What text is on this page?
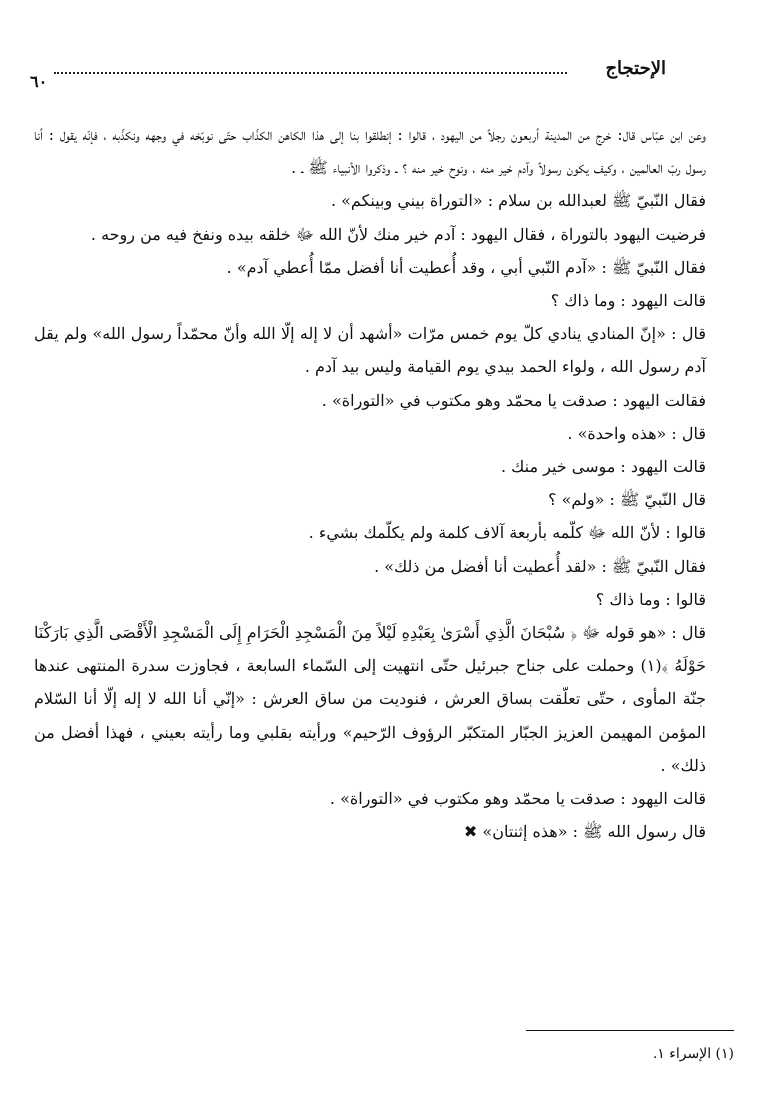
الإحتجاج
٦٠

وعن ابن عبّاس قال: خرج من المدينة أربعون رجلاً من اليهود ، قالوا : إنطلقوا بنا إلى هذا الكاهن الكذّاب حتّى نوبّخه في وجهه ونكذّبه ، فإنّه يقول : أنا رسول ربّ العالمين ، وكيف يكون رسولاً وآدم خير منه ، ونوح خير منه ؟ ـ وذكروا الأنبياء ﷺ ـ .

فقال النّبيّ ﷺ لعبدالله بن سلام : «التوراة بيني وبينكم» .

فرضيت اليهود بالتوراة ، فقال اليهود : آدم خير منك لأنّ الله ﷻ خلقه بيده ونفخ فيه من روحه .

فقال النّبيّ ﷺ : «آدم النّبي أبي ، وقد أُعطيت أنا أفضل ممّا أُعطي آدم» .

قالت اليهود : وما ذاك ؟

قال : «إنّ المنادي ينادي كلّ يوم خمس مرّات «أشهد أن لا إله إلّا الله وأنّ محمّداً رسول الله» ولم يقل آدم رسول الله ، ولواء الحمد بيدي يوم القيامة وليس بيد آدم .

فقالت اليهود : صدقت يا محمّد وهو مكتوب في «التوراة» .

قال : «هذه واحدة» .

قالت اليهود : موسى خير منك .

قال النّبيّ ﷺ : «ولم» ؟

قالوا : لأنّ الله ﷻ كلّمه بأربعة آلاف كلمة ولم يكلّمك بشيء .

فقال النّبيّ ﷺ : «لقد أُعطيت أنا أفضل من ذلك» .

قالوا : وما ذاك ؟

قال : «هو قوله ﷻ ﴿ سُبْحَانَ الَّذِي أَسْرَىٰ بِعَبْدِهِ لَيْلاً مِنَ الْمَسْجِدِ الْحَرَامِ إِلَى الْمَسْجِدِ الْأَقْصَى الَّذِي بَارَكْنَا حَوْلَهُ ﴾(١) وحملت على جناح جبرئيل حتّى انتهيت إلى السّماء السابعة ، فجاوزت سدرة المنتهى عندها جنّة المأوى ، حتّى تعلّقت بساق العرش ، فنوديت من ساق العرش : «إنّي أنا الله لا إله إلّا أنا السّلام المؤمن المهيمن العزيز الجبّار المتكبّر الرؤوف الرّحيم» ورأيته بقلبي وما رأيته بعيني ، فهذا أفضل من ذلك» .

قالت اليهود : صدقت يا محمّد وهو مكتوب في «التوراة» .

قال رسول الله ﷺ : «هذه إثنتان» ✖

(١) الإسراء ١.
